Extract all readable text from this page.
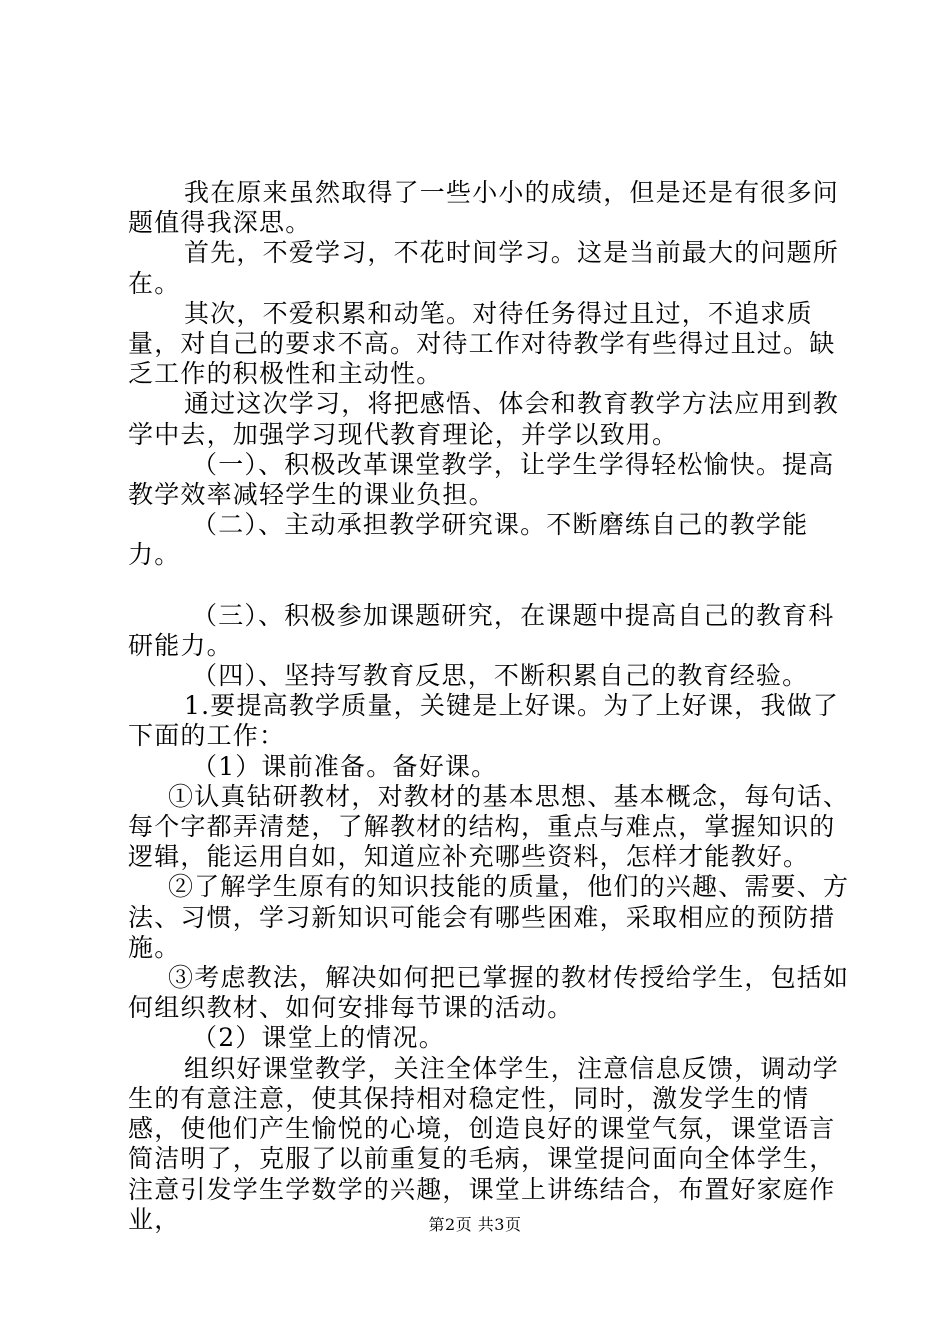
我在原来虽然取得了一些小小的成绩，但是还是有很多问题值得我深思。

首先，不爱学习，不花时间学习。这是当前最大的问题所在。

其次，不爱积累和动笔。对待任务得过且过，不追求质量，对自己的要求不高。对待工作对待教学有些得过且过。缺乏工作的积极性和主动性。

通过这次学习，将把感悟、体会和教育教学方法应用到教学中去，加强学习现代教育理论，并学以致用。

（一）、积极改革课堂教学，让学生学得轻松愉快。提高教学效率减轻学生的课业负担。

（二）、主动承担教学研究课。不断磨练自己的教学能力。

（三）、积极参加课题研究，在课题中提高自己的教育科研能力。

（四）、坚持写教育反思，不断积累自己的教育经验。

1.要提高教学质量，关键是上好课。为了上好课，我做了下面的工作：

（1）课前准备。备好课。

①认真钻研教材，对教材的基本思想、基本概念，每句话、每个字都弄清楚，了解教材的结构，重点与难点，掌握知识的逻辑，能运用自如，知道应补充哪些资料，怎样才能教好。

②了解学生原有的知识技能的质量，他们的兴趣、需要、方法、习惯，学习新知识可能会有哪些困难，采取相应的预防措施。

③考虑教法，解决如何把已掌握的教材传授给学生，包括如何组织教材、如何安排每节课的活动。

（2）课堂上的情况。

组织好课堂教学，关注全体学生，注意信息反馈，调动学生的有意注意，使其保持相对稳定性，同时，激发学生的情感，使他们产生愉悦的心境，创造良好的课堂气氛，课堂语言简洁明了，克服了以前重复的毛病，课堂提问面向全体学生，注意引发学生学数学的兴趣，课堂上讲练结合，布置好家庭作业，	第2页 共3页
